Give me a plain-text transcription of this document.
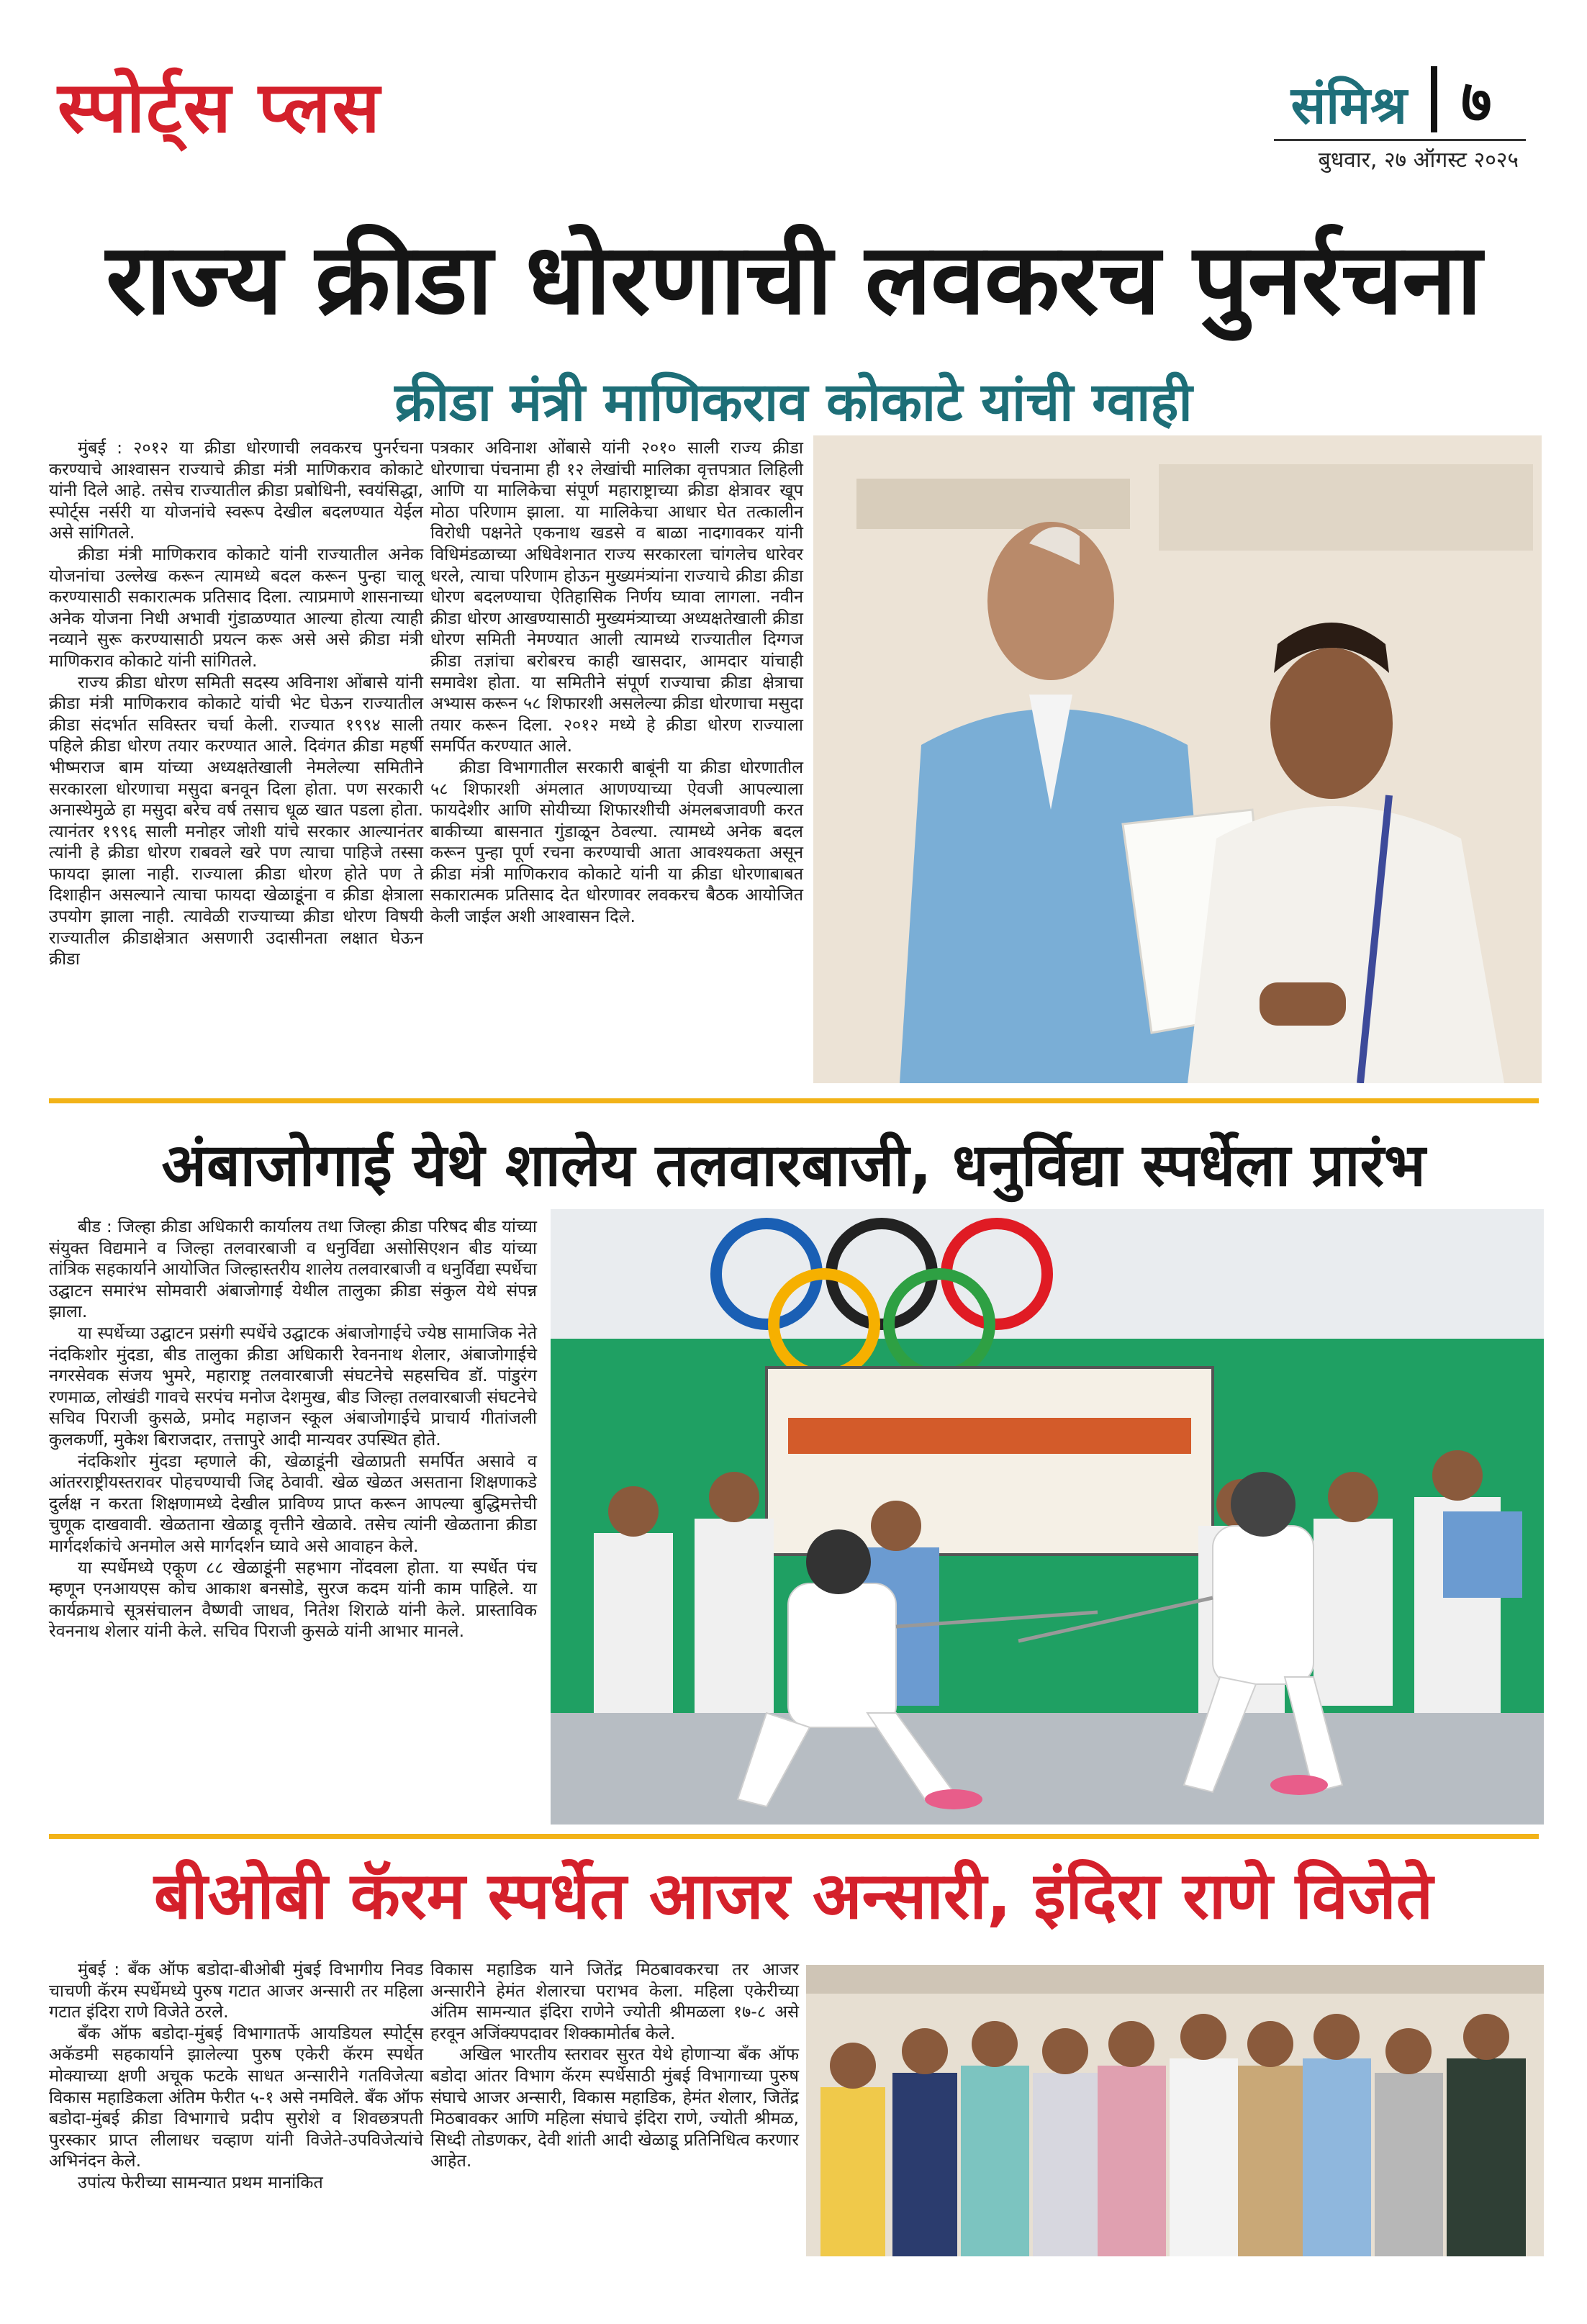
स्पोर्ट्स प्लस	संमिश्र ७
बुधवार, २७ ऑगस्ट २०२५
राज्य क्रीडा धोरणाची लवकरच पुनर्रचना
क्रीडा मंत्री माणिकराव कोकाटे यांची ग्वाही

मुंबई : २०१२ या क्रीडा धोरणाची लवकरच पुनर्रचना करण्याचे आश्वासन राज्याचे क्रीडा मंत्री माणिकराव कोकाटे यांनी दिले आहे. तसेच राज्यातील क्रीडा प्रबोधिनी, स्वयंसिद्धा, स्पोर्ट्स नर्सरी या योजनांचे स्वरूप देखील बदलण्यात येईल असे सांगितले.

क्रीडा मंत्री माणिकराव कोकाटे यांनी राज्यातील अनेक योजनांचा उल्लेख करून त्यामध्ये बदल करून पुन्हा चालू करण्यासाठी सकारात्मक प्रतिसाद दिला. त्याप्रमाणे शासनाच्या अनेक योजना निधी अभावी गुंडाळण्यात आल्या होत्या त्याही नव्याने सुरू करण्यासाठी प्रयत्न करू असे असे क्रीडा मंत्री माणिकराव कोकाटे यांनी सांगितले.

राज्य क्रीडा धोरण समिती सदस्य अविनाश ओंबासे यांनी क्रीडा मंत्री माणिकराव कोकाटे यांची भेट घेऊन राज्यातील क्रीडा संदर्भात सविस्तर चर्चा केली. राज्यात १९९४ साली पहिले क्रीडा धोरण तयार करण्यात आले. दिवंगत क्रीडा महर्षी भीष्मराज बाम यांच्या अध्यक्षतेखाली नेमलेल्या समितीने सरकारला धोरणाचा मसुदा बनवून दिला होता. पण सरकारी अनास्थेमुळे हा मसुदा बरेच वर्ष तसाच धूळ खात पडला होता. त्यानंतर १९९६ साली मनोहर जोशी यांचे सरकार आल्यानंतर त्यांनी हे क्रीडा धोरण राबवले खरे पण त्याचा पाहिजे तस्सा फायदा झाला नाही. राज्याला क्रीडा धोरण होते पण ते दिशाहीन असल्याने त्याचा फायदा खेळाडूंना व क्रीडा क्षेत्राला उपयोग झाला नाही. त्यावेळी राज्याच्या क्रीडा धोरण विषयी राज्यातील क्रीडाक्षेत्रात असणारी उदासीनता लक्षात घेऊन क्रीडा

पत्रकार अविनाश ओंबासे यांनी २०१० साली राज्य क्रीडा धोरणाचा पंचनामा ही १२ लेखांची मालिका वृत्तपत्रात लिहिली आणि या मालिकेचा संपूर्ण महाराष्ट्राच्या क्रीडा क्षेत्रावर खूप मोठा परिणाम झाला. या मालिकेचा आधार घेत तत्कालीन विरोधी पक्षनेते एकनाथ खडसे व बाळा नादगावकर यांनी विधिमंडळाच्या अधिवेशनात राज्य सरकारला चांगलेच धारेवर धरले, त्याचा परिणाम होऊन मुख्यमंत्र्यांना राज्याचे क्रीडा क्रीडा धोरण बदलण्याचा ऐतिहासिक निर्णय घ्यावा लागला. नवीन क्रीडा धोरण आखण्यासाठी मुख्यमंत्र्याच्या अध्यक्षतेखाली क्रीडा धोरण समिती नेमण्यात आली त्यामध्ये राज्यातील दिग्गज क्रीडा तज्ञांचा बरोबरच काही खासदार, आमदार यांचाही समावेश होता. या समितीने संपूर्ण राज्याचा क्रीडा क्षेत्राचा अभ्यास करून ५८ शिफारशी असलेल्या क्रीडा धोरणाचा मसुदा तयार करून दिला. २०१२ मध्ये हे क्रीडा धोरण राज्याला समर्पित करण्यात आले.

क्रीडा विभागातील सरकारी बाबूंनी या क्रीडा धोरणातील ५८ शिफारशी अंमलात आणण्याच्या ऐवजी आपल्याला फायदेशीर आणि सोयीच्या शिफारशीची अंमलबजावणी करत बाकीच्या बासनात गुंडाळून ठेवल्या. त्यामध्ये अनेक बदल करून पुन्हा पूर्ण रचना करण्याची आता आवश्यकता असून क्रीडा मंत्री माणिकराव कोकाटे यांनी या क्रीडा धोरणाबाबत सकारात्मक प्रतिसाद देत धोरणावर लवकरच बैठक आयोजित केली जाईल अशी आश्वासन दिले.

अंबाजोगाई येथे शालेय तलवारबाजी, धनुर्विद्या स्पर्धेला प्रारंभ

बीड : जिल्हा क्रीडा अधिकारी कार्यालय तथा जिल्हा क्रीडा परिषद बीड यांच्या संयुक्त विद्यमाने व जिल्हा तलवारबाजी व धनुर्विद्या असोसिएशन बीड यांच्या तांत्रिक सहकार्याने आयोजित जिल्हास्तरीय शालेय तलवारबाजी व धनुर्विद्या स्पर्धेचा उद्घाटन समारंभ सोमवारी अंबाजोगाई येथील तालुका क्रीडा संकुल येथे संपन्न झाला.

या स्पर्धेच्या उद्घाटन प्रसंगी स्पर्धेचे उद्घाटक अंबाजोगाईचे ज्येष्ठ सामाजिक नेते नंदकिशोर मुंदडा, बीड तालुका क्रीडा अधिकारी रेवननाथ शेलार, अंबाजोगाईचे नगरसेवक संजय भुमरे, महाराष्ट्र तलवारबाजी संघटनेचे सहसचिव डॉ. पांडुरंग रणमाळ, लोखंडी गावचे सरपंच मनोज देशमुख, बीड जिल्हा तलवारबाजी संघटनेचे सचिव पिराजी कुसळे, प्रमोद महाजन स्कूल अंबाजोगाईचे प्राचार्य गीतांजली कुलकर्णी, मुकेश बिराजदार, तत्तापुरे आदी मान्यवर उपस्थित होते.

नंदकिशोर मुंदडा म्हणाले की, खेळाडूंनी खेळाप्रती समर्पित असावे व आंतरराष्ट्रीयस्तरावर पोहचण्याची जिद्द ठेवावी. खेळ खेळत असताना शिक्षणाकडे दुर्लक्ष न करता शिक्षणामध्ये देखील प्राविण्य प्राप्त करून आपल्या बुद्धिमत्तेची चुणूक दाखवावी. खेळताना खेळाडू वृत्तीने खेळावे. तसेच त्यांनी खेळताना क्रीडा मार्गदर्शकांचे अनमोल असे मार्गदर्शन घ्यावे असे आवाहन केले.

या स्पर्धेमध्ये एकूण ८८ खेळाडूंनी सहभाग नोंदवला होता. या स्पर्धेत पंच म्हणून एनआयएस कोच आकाश बनसोडे, सुरज कदम यांनी काम पाहिले. या कार्यक्रमाचे सूत्रसंचालन वैष्णवी जाधव, नितेश शिराळे यांनी केले. प्रास्ताविक रेवननाथ शेलार यांनी केले. सचिव पिराजी कुसळे यांनी आभार मानले.

बीओबी कॅरम स्पर्धेत आजर अन्सारी, इंदिरा राणे विजेते

मुंबई : बँक ऑफ बडोदा-बीओबी मुंबई विभागीय निवड चाचणी कॅरम स्पर्धेमध्ये पुरुष गटात आजर अन्सारी तर महिला गटात इंदिरा राणे विजेते ठरले.

बँक ऑफ बडोदा-मुंबई विभागातर्फे आयडियल स्पोर्ट्स अकॅडमी सहकार्याने झालेल्या पुरुष एकेरी कॅरम स्पर्धेत मोक्याच्या क्षणी अचूक फटके साधत अन्सारीने गतविजेत्या विकास महाडिकला अंतिम फेरीत ५-१ असे नमविले. बँक ऑफ बडोदा-मुंबई क्रीडा विभागाचे प्रदीप सुरोशे व शिवछत्रपती पुरस्कार प्राप्त लीलाधर चव्हाण यांनी विजेते-उपविजेत्यांचे अभिनंदन केले.

उपांत्य फेरीच्या सामन्यात प्रथम मानांकित

विकास महाडिक याने जितेंद्र मिठबावकरचा तर आजर अन्सारीने हेमंत शेलारचा पराभव केला. महिला एकेरीच्या अंतिम सामन्यात इंदिरा राणेने ज्योती श्रीमळला १७-८ असे हरवून अजिंक्यपदावर शिक्कामोर्तब केले.

अखिल भारतीय स्तरावर सुरत येथे होणाऱ्या बँक ऑफ बडोदा आंतर विभाग कॅरम स्पर्धेसाठी मुंबई विभागाच्या पुरुष संघाचे आजर अन्सारी, विकास महाडिक, हेमंत शेलार, जितेंद्र मिठबावकर आणि महिला संघाचे इंदिरा राणे, ज्योती श्रीमळ, सिध्दी तोडणकर, देवी शांती आदी खेळाडू प्रतिनिधित्व करणार आहेत.
